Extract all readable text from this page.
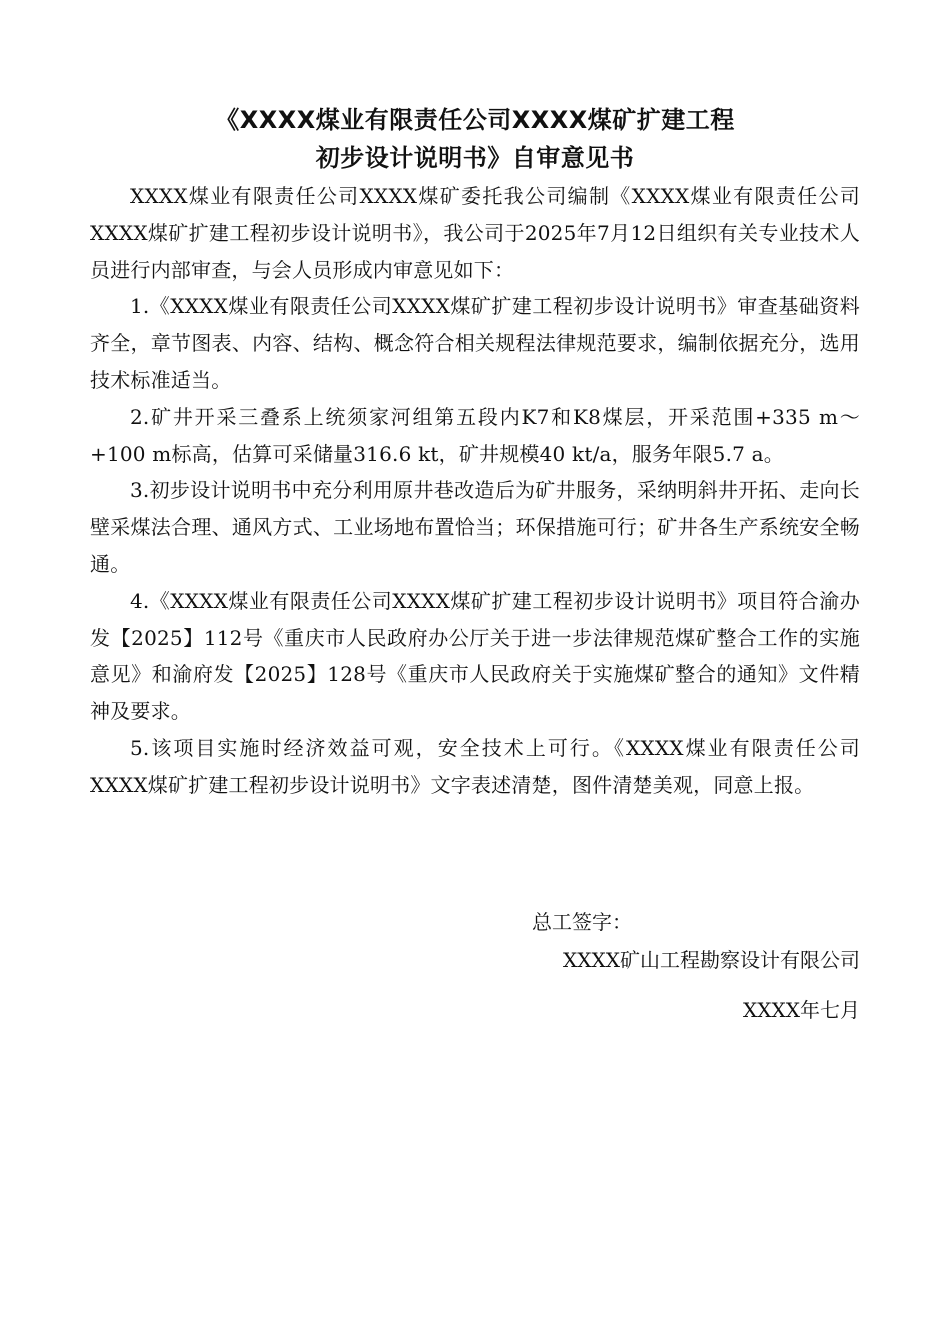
《XXXX煤业有限责任公司XXXX煤矿扩建工程
初步设计说明书》自审意见书

XXXX煤业有限责任公司XXXX煤矿委托我公司编制《XXXX煤业有限责任公司XXXX煤矿扩建工程初步设计说明书》，我公司于2025年7月12日组织有关专业技术人员进行内部审查，与会人员形成内审意见如下：

1.《XXXX煤业有限责任公司XXXX煤矿扩建工程初步设计说明书》审查基础资料齐全，章节图表、内容、结构、概念符合相关规程法律规范要求，编制依据充分，选用技术标准适当。

2.矿井开采三叠系上统须家河组第五段内K7和K8煤层，开采范围+335 m～+100 m标高，估算可采储量316.6 kt，矿井规模40 kt/a，服务年限5.7 a。

3.初步设计说明书中充分利用原井巷改造后为矿井服务，采纳明斜井开拓、走向长壁采煤法合理、通风方式、工业场地布置恰当；环保措施可行；矿井各生产系统安全畅通。

4.《XXXX煤业有限责任公司XXXX煤矿扩建工程初步设计说明书》项目符合渝办发【2025】112号《重庆市人民政府办公厅关于进一步法律规范煤矿整合工作的实施意见》和渝府发【2025】128号《重庆市人民政府关于实施煤矿整合的通知》文件精神及要求。

5.该项目实施时经济效益可观，安全技术上可行。《XXXX煤业有限责任公司XXXX煤矿扩建工程初步设计说明书》文字表述清楚，图件清楚美观，同意上报。

总工签字：
XXXX矿山工程勘察设计有限公司
XXXX年七月
